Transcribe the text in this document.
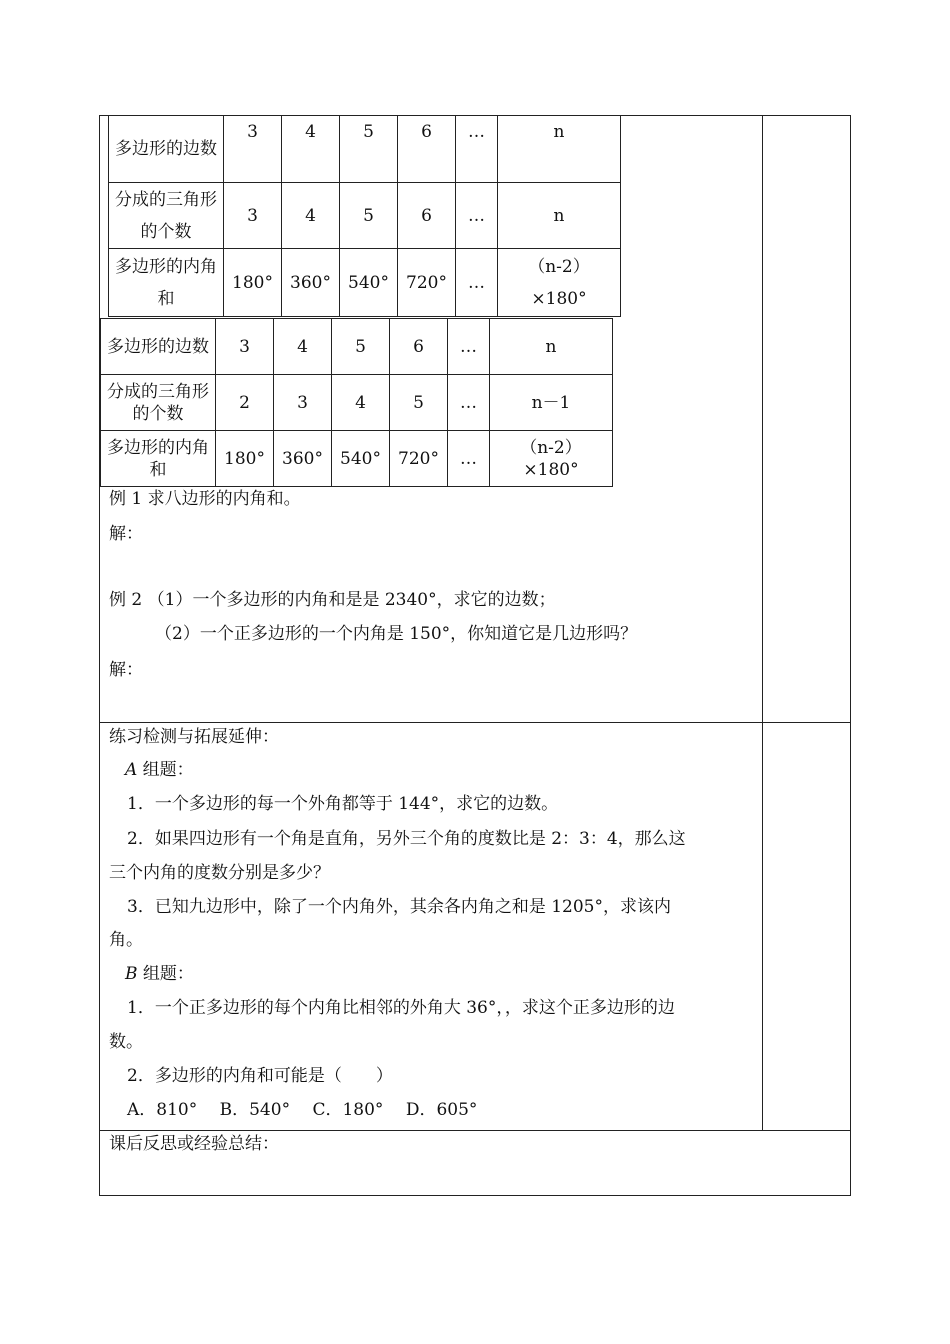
多边形的边数	3	4	5	6	…	n
分成的三角形的个数	3	4	5	6	…	n
多边形的内角和	180°	360°	540°	720°	…	（n-2）×180°
多边形的边数	3	4	5	6	…	n
分成的三角形的个数	2	3	4	5	…	n－1
多边形的内角和	180°	360°	540°	720°	…	（n-2）×180°
例 1 求八边形的内角和。
解：
例 2 （1）一个多边形的内角和是是 2340°，求它的边数；
（2）一个正多边形的一个内角是 150°，你知道它是几边形吗？
解：
练习检测与拓展延伸：
A 组题：
1．一个多边形的每一个外角都等于 144°，求它的边数。
2．如果四边形有一个角是直角，另外三个角的度数比是 2：3：4，那么这
三个内角的度数分别是多少？
3．已知九边形中，除了一个内角外，其余各内角之和是 1205°，求该内
角。
B 组题：
1．一个正多边形的每个内角比相邻的外角大 36°，，求这个正多边形的边
数。
2．多边形的内角和可能是（　　）
A．810°　 B．540°　 C．180°　 D．605°
课后反思或经验总结：
